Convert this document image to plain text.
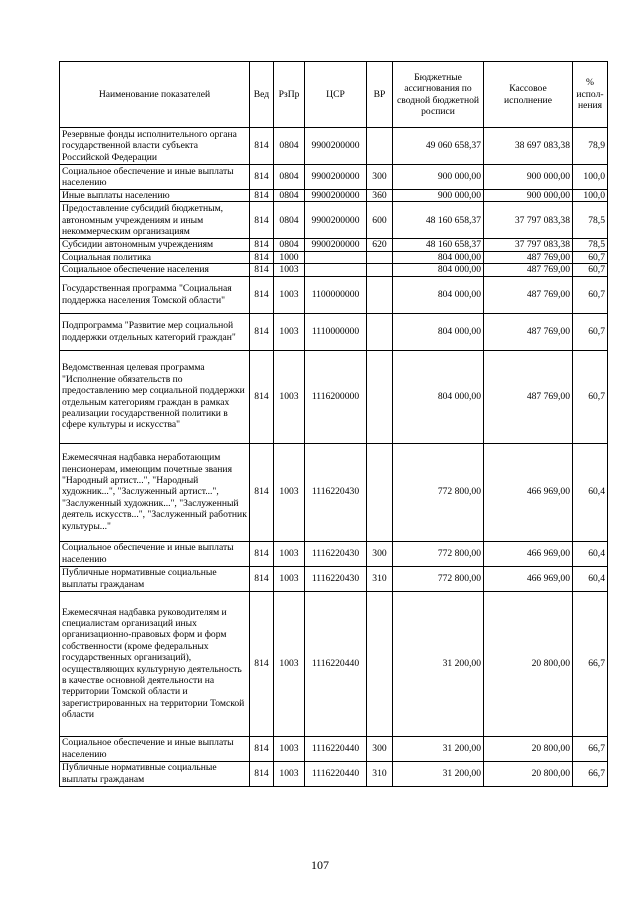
Наименование показателей	Вед	РзПр	ЦСР	ВР	Бюджетные ассигнования по сводной бюджетной росписи	Кассовое исполнение	% испол-нения
Резервные фонды исполнительного органа государственной власти субъекта Российской Федерации	814	0804	9900200000		49 060 658,37	38 697 083,38	78,9
Социальное обеспечение и иные выплаты населению	814	0804	9900200000	300	900 000,00	900 000,00	100,0
Иные выплаты населению	814	0804	9900200000	360	900 000,00	900 000,00	100,0
Предоставление субсидий бюджетным, автономным учреждениям и иным некоммерческим организациям	814	0804	9900200000	600	48 160 658,37	37 797 083,38	78,5
Субсидии автономным учреждениям	814	0804	9900200000	620	48 160 658,37	37 797 083,38	78,5
Социальная политика	814	1000			804 000,00	487 769,00	60,7
Социальное обеспечение населения	814	1003			804 000,00	487 769,00	60,7
Государственная программа "Социальная поддержка населения Томской области"	814	1003	1100000000		804 000,00	487 769,00	60,7
Подпрограмма "Развитие мер социальной поддержки отдельных категорий граждан"	814	1003	1110000000		804 000,00	487 769,00	60,7
Ведомственная целевая программа "Исполнение обязательств по предоставлению мер социальной поддержки отдельным категориям граждан в рамках реализации государственной политики в сфере культуры и искусства"	814	1003	1116200000		804 000,00	487 769,00	60,7
Ежемесячная надбавка неработающим пенсионерам, имеющим почетные звания "Народный артист...", "Народный художник...", "Заслуженный артист...", "Заслуженный художник...", "Заслуженный деятель искусств...", "Заслуженный работник культуры..."	814	1003	1116220430		772 800,00	466 969,00	60,4
Социальное обеспечение и иные выплаты населению	814	1003	1116220430	300	772 800,00	466 969,00	60,4
Публичные нормативные социальные выплаты гражданам	814	1003	1116220430	310	772 800,00	466 969,00	60,4
Ежемесячная надбавка руководителям и специалистам организаций иных организационно-правовых форм и форм собственности (кроме федеральных государственных организаций), осуществляющих культурную деятельность в качестве основной деятельности на территории Томской области и зарегистрированных на территории Томской области	814	1003	1116220440		31 200,00	20 800,00	66,7
Социальное обеспечение и иные выплаты населению	814	1003	1116220440	300	31 200,00	20 800,00	66,7
Публичные нормативные социальные выплаты гражданам	814	1003	1116220440	310	31 200,00	20 800,00	66,7
107
